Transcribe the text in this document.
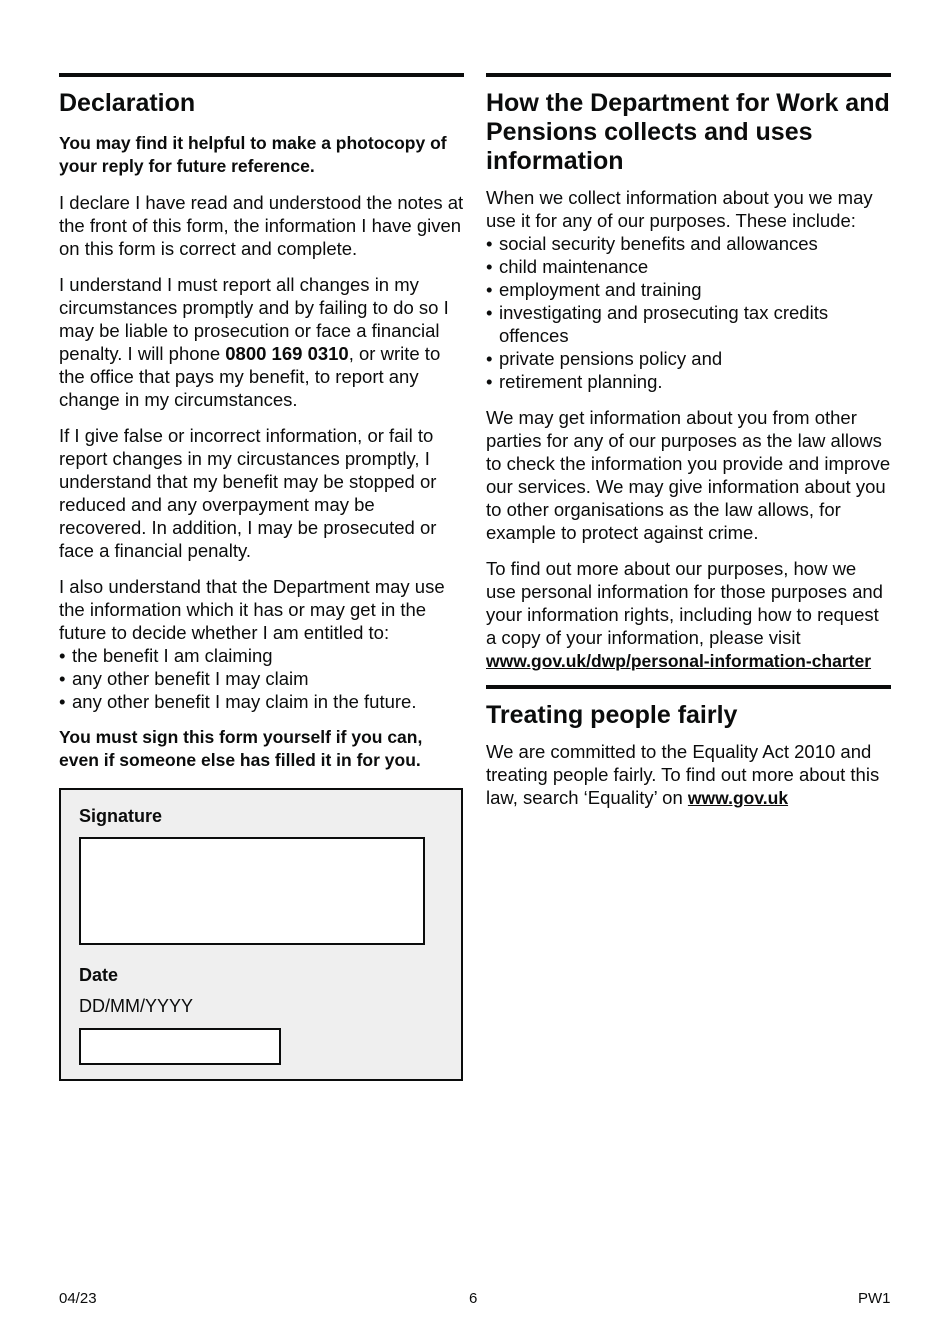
Declaration

You may find it helpful to make a photocopy of your reply for future reference.

I declare I have read and understood the notes at the front of this form, the information I have given on this form is correct and complete.

I understand I must report all changes in my circumstances promptly and by failing to do so I may be liable to prosecution or face a financial penalty. I will phone 0800 169 0310, or write to the office that pays my benefit, to report any change in my circumstances.

If I give false or incorrect information, or fail to report changes in my circustances promptly, I understand that my benefit may be stopped or reduced and any overpayment may be recovered. In addition, I may be prosecuted or face a financial penalty.

I also understand that the Department may use the information which it has or may get in the future to decide whether I am entitled to:

• the benefit I am claiming
• any other benefit I may claim
• any other benefit I may claim in the future.

You must sign this form yourself if you can, even if someone else has filled it in for you.

Signature
Date
DD/MM/YYYY
How the Department for Work and Pensions collects and uses information

When we collect information about you we may use it for any of our purposes. These include:

• social security benefits and allowances
• child maintenance
• employment and training
• investigating and prosecuting tax credits offences
• private pensions policy and
• retirement planning.

We may get information about you from other parties for any of our purposes as the law allows to check the information you provide and improve our services. We may give information about you to other organisations as the law allows, for example to protect against crime.

To find out more about our purposes, how we use personal information for those purposes and your information rights, including how to request a copy of your information, please visit
www.gov.uk/dwp/personal-information-charter

Treating people fairly

We are committed to the Equality Act 2010 and treating people fairly. To find out more about this law, search ‘Equality’ on www.gov.uk

04/23	6	PW1
